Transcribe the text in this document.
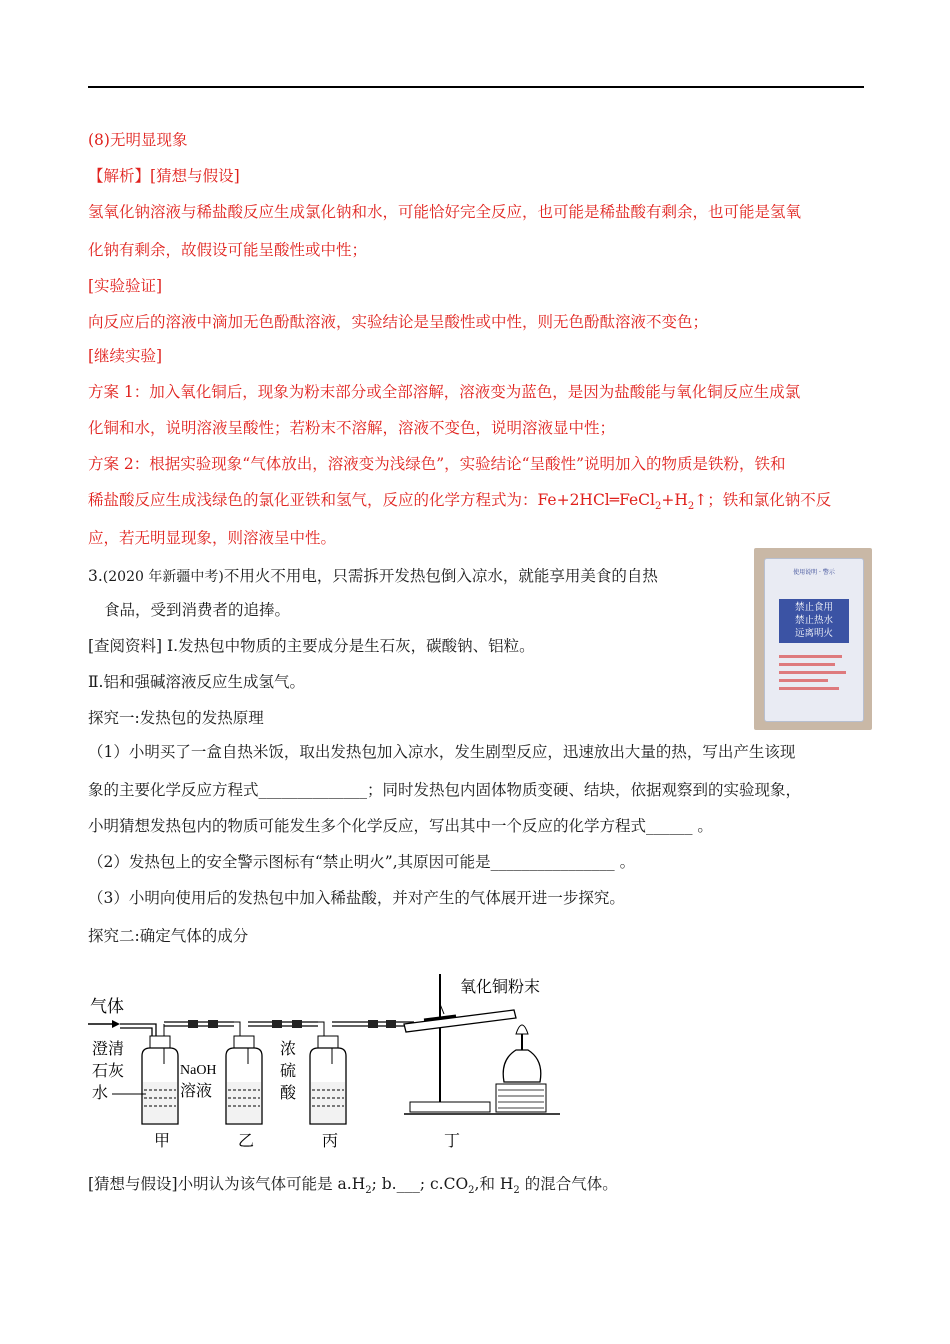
(8)无明显现象
【解析】[猜想与假设]
氢氧化钠溶液与稀盐酸反应生成氯化钠和水，可能恰好完全反应，也可能是稀盐酸有剩余，也可能是氢氧
化钠有剩余，故假设可能呈酸性或中性；
[实验验证]
向反应后的溶液中滴加无色酚酞溶液，实验结论是呈酸性或中性，则无色酚酞溶液不变色；
[继续实验]
方案 1：加入氧化铜后，现象为粉末部分或全部溶解，溶液变为蓝色，是因为盐酸能与氧化铜反应生成氯
化铜和水，说明溶液呈酸性；若粉末不溶解，溶液不变色，说明溶液显中性；
方案 2：根据实验现象“气体放出，溶液变为浅绿色”，实验结论“呈酸性”说明加入的物质是铁粉，铁和
稀盐酸反应生成浅绿色的氯化亚铁和氢气，反应的化学方程式为：$Fe+2HCl═FeCl_2+H_2↑$；铁和氯化钠不反
应，若无明显现象，则溶液呈中性。
3.(2020 年新疆中考)不用火不用电，只需拆开发热包倒入凉水，就能享用美食的自热
食品，受到消费者的追捧。
[查阅资料] I.发热包中物质的主要成分是生石灰，碳酸钠、铝粒。
Ⅱ.铝和强碱溶液反应生成氢气。
探究一:发热包的发热原理
（1）小明买了一盒自热米饭，取出发热包加入凉水，发生剧型反应，迅速放出大量的热，写出产生该现
象的主要化学反应方程式______________；同时发热包内固体物质变硬、结块，依据观察到的实验现象，
小明猜想发热包内的物质可能发生多个化学反应，写出其中一个反应的化学方程式______ 。
（2）发热包上的安全警示图标有“禁止明火”,其原因可能是________________ 。
（3）小明向使用后的发热包中加入稀盐酸，并对产生的气体展开进一步探究。
探究二:确定气体的成分
[猜想与假设]小明认为该气体可能是 $a.H_2$; b.___; $c.CO_2$,和 $H_2$ 的混合气体。
使用说明 · 警示
禁止食用
禁止热水
远离明火
气体
氧化铜粉末
澄清
石灰
水
NaOH
溶液
浓
硫
酸
甲	乙	丙	丁
